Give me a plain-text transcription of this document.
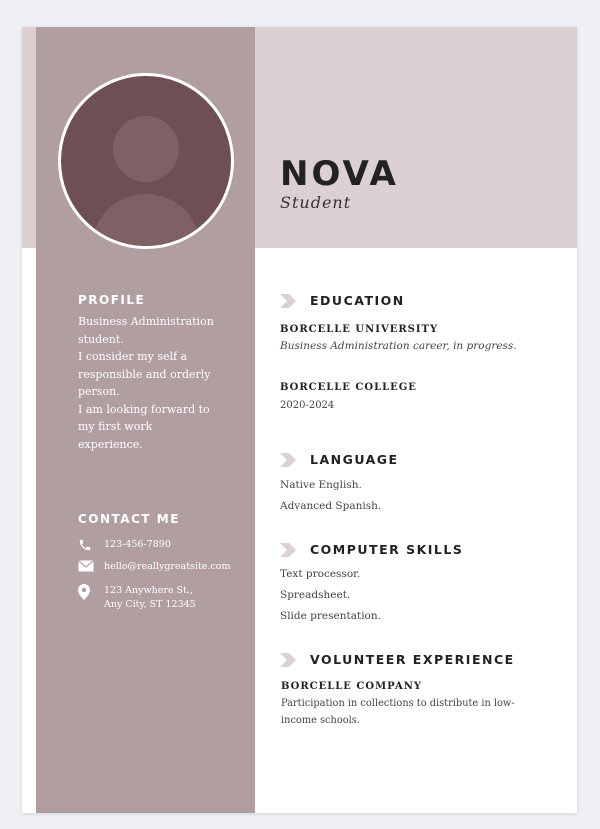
NOVA
Student
PROFILE

Business Administration
student.
I consider my self a
responsible and orderly
person.
I am looking forward to
my first work
experience.

CONTACT ME
123-456-7890
hello@reallygreatsite.com
123 Anywhere St.,
Any City, ST 12345
EDUCATION
BORCELLE UNIVERSITY

Business Administration career, in progress.

BORCELLE COLLEGE

2020-2024

LANGUAGE
Native English.
Advanced Spanish.
COMPUTER SKILLS
Text processor.
Spreadsheet.
Slide presentation.
VOLUNTEER EXPERIENCE
BORCELLE COMPANY

Participation in collections to distribute in low-income schools.
